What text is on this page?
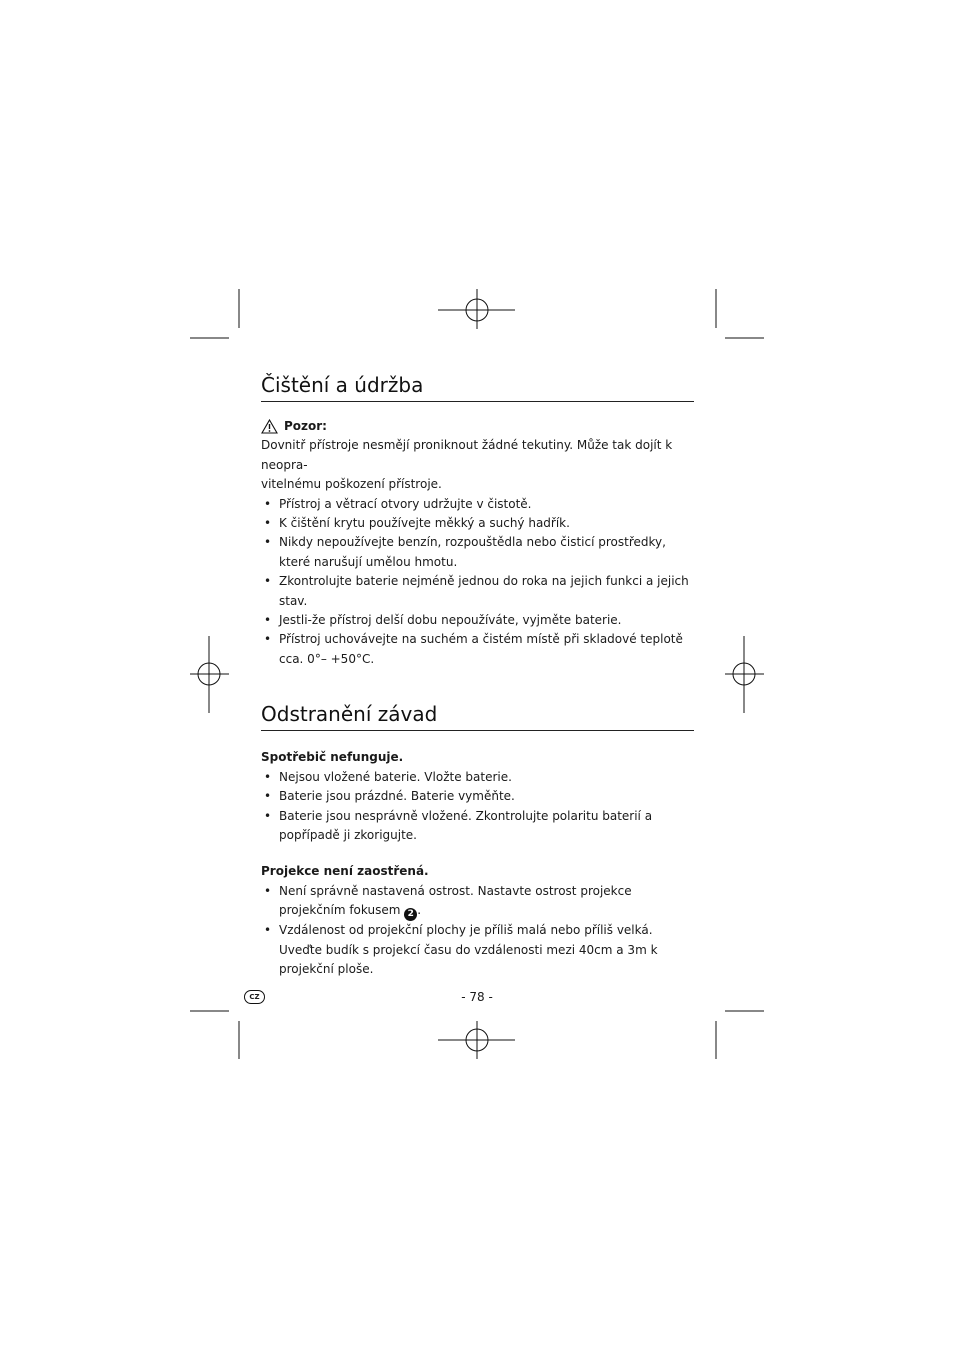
Čištění a údržba
Pozor:

Dovnitř přístroje nesmějí proniknout žádné tekutiny. Může tak dojít k neopra-

vitelnému poškození přístroje.

• Přístroj a větrací otvory udržujte v čistotě.
• K čištění krytu používejte měkký a suchý hadřík.
• Nikdy nepoužívejte benzín, rozpouštědla nebo čisticí prostředky, které narušují umělou hmotu.
• Zkontrolujte baterie nejméně jednou do roka na jejich funkci a jejich stav.
• Jestli-že přístroj delší dobu nepoužíváte, vyjměte baterie.
• Přístroj uchovávejte na suchém a čistém místě při skladové teplotě cca. 0°– +50°C.
Odstranění závad

Spotřebič nefunguje.

• Nejsou vložené baterie. Vložte baterie.
• Baterie jsou prázdné. Baterie vyměňte.
• Baterie jsou nesprávně vložené. Zkontrolujte polaritu baterií a popřípadě ji zkorigujte.

Projekce není zaostřená.

• Není správně nastavená ostrost. Nastavte ostrost projekce projekčním fokusem 2 .
• Vzdálenost od projekční plochy je příliš malá nebo příliš velká. Uveďte budík s projekcí času do vzdálenosti mezi 40cm a 3m k projekční ploše.
CZ	- 78 -
